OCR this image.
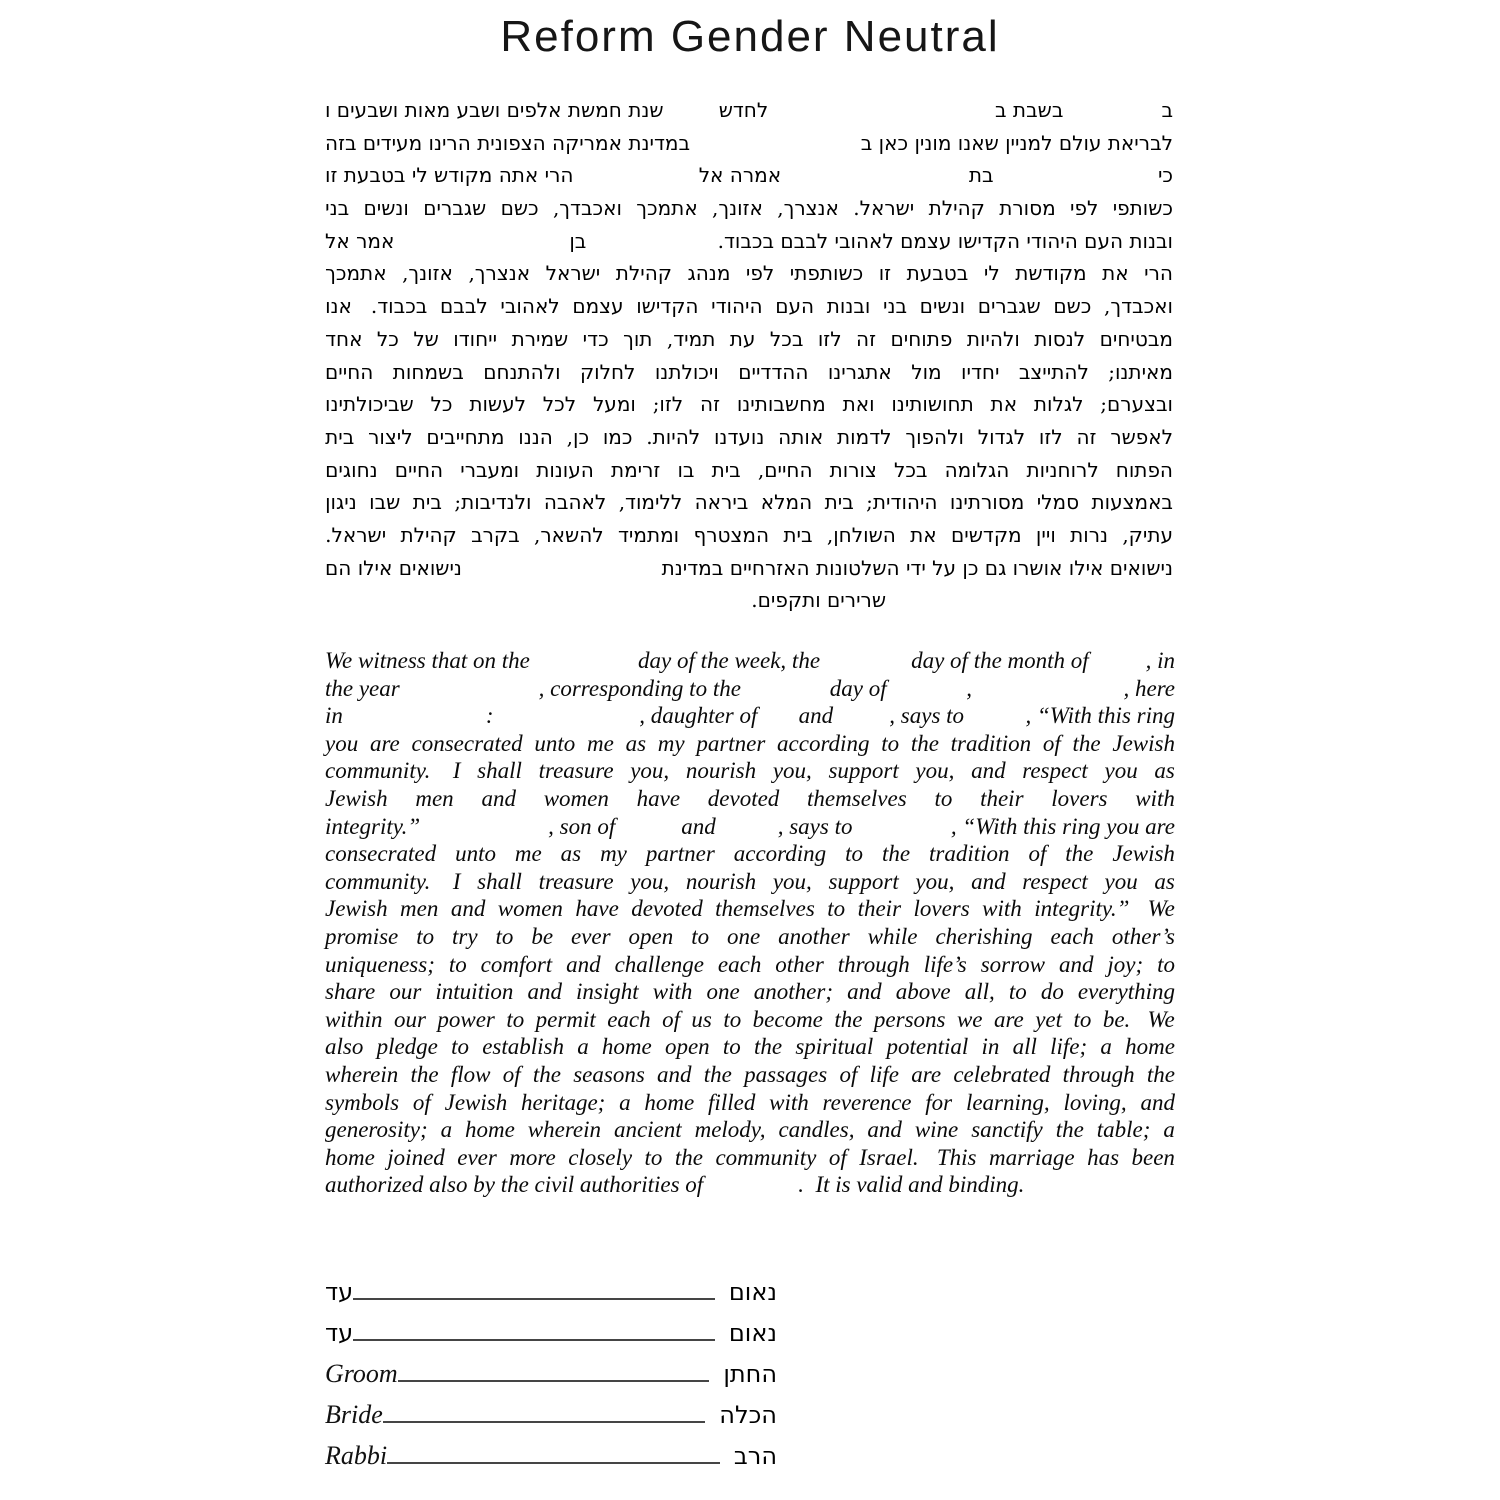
Reform Gender Neutral
ב
בשבת ב
לחדש
שנת חמשת אלפים ושבע מאות ושבעים ו
לבריאת עולם למניין שאנו מונין כאן ב
במדינת אמריקה הצפונית הרינו מעידים בזה
כי
בת
אמרה אל
הרי אתה מקודש לי בטבעת זו
כשותפי
לפי
מסורת
קהילת
ישראל.
אנצרך,
אזונך,
אתמכך
ואכבדך,
כשם
שגברים
ונשים
בני
ובנות העם היהודי הקדישו עצמם לאהובי לבבם בכבוד.
בן
אמר אל
הרי
את
מקודשת
לי
בטבעת
זו
כשותפתי
לפי
מנהג
קהילת
ישראל
אנצרך,
אזונך,
אתמכך
ואכבדך,
כשם
שגברים
ונשים
בני
ובנות
העם
היהודי
הקדישו
עצמם
לאהובי
לבבם
בכבוד.
אנו
מבטיחים
לנסות
ולהיות
פתוחים
זה
לזו
בכל
עת
תמיד,
תוך
כדי
שמירת
ייחודו
של
כל
אחד
מאיתנו;
להתייצב
יחדיו
מול
אתגרינו
ההדדיים
ויכולתנו
לחלוק
ולהתנחם
בשמחות
החיים
ובצערם;
לגלות
את
תחושותינו
ואת
מחשבותינו
זה
לזו;
ומעל
לכל
לעשות
כל
שביכולתינו
לאפשר
זה
לזו
לגדול
ולהפוך
לדמות
אותה
נועדנו
להיות.
כמו
כן,
הננו
מתחייבים
ליצור
בית
הפתוח
לרוחניות
הגלומה
בכל
צורות
החיים,
בית
בו
זרימת
העונות
ומעברי
החיים
נחוגים
באמצעות
סמלי
מסורתינו
היהודית;
בית
המלא
ביראה
ללימוד,
לאהבה
ולנדיבות;
בית
שבו
ניגון
עתיק,
נרות
ויין
מקדשים
את
השולחן,
בית
המצטרף
ומתמיד
להשאר,
בקרב
קהילת
ישראל.
נישואים אילו אושרו גם כן על ידי השלטונות האזרחיים במדינת
נישואים אילו הם
שרירים ותקפים.
We witness that on the	day of the week, the	day of the month of , in
the year	, corresponding to the	day of	,	, here
in	:	, daughter of and , says to	, “With this ring
you are consecrated unto me as my partner according to the tradition of the Jewish
community. I shall treasure you, nourish you, support you, and respect you as
Jewish men and women have devoted themselves to their lovers with
integrity.”	, son of	and	, says to	, “With this ring you are
consecrated unto me as my partner according to the tradition of the Jewish
community. I shall treasure you, nourish you, support you, and respect you as
Jewish men and women have devoted themselves to their lovers with integrity.” We
promise to try to be ever open to one another while cherishing each other’s
uniqueness; to comfort and challenge each other through life’s sorrow and joy; to
share our intuition and insight with one another; and above all, to do everything
within our power to permit each of us to become the persons we are yet to be. We
also pledge to establish a home open to the spiritual potential in all life; a home
wherein the flow of the seasons and the passages of life are celebrated through the
symbols of Jewish heritage; a home filled with reverence for learning, loving, and
generosity; a home wherein ancient melody, candles, and wine sanctify the table; a
home joined ever more closely to the community of Israel. This marriage has been
authorized also by the civil authorities of	.  It is valid and binding.
עד	נאום
עד	נאום
Groom	החתן
Bride	הכלה
Rabbi	הרב
